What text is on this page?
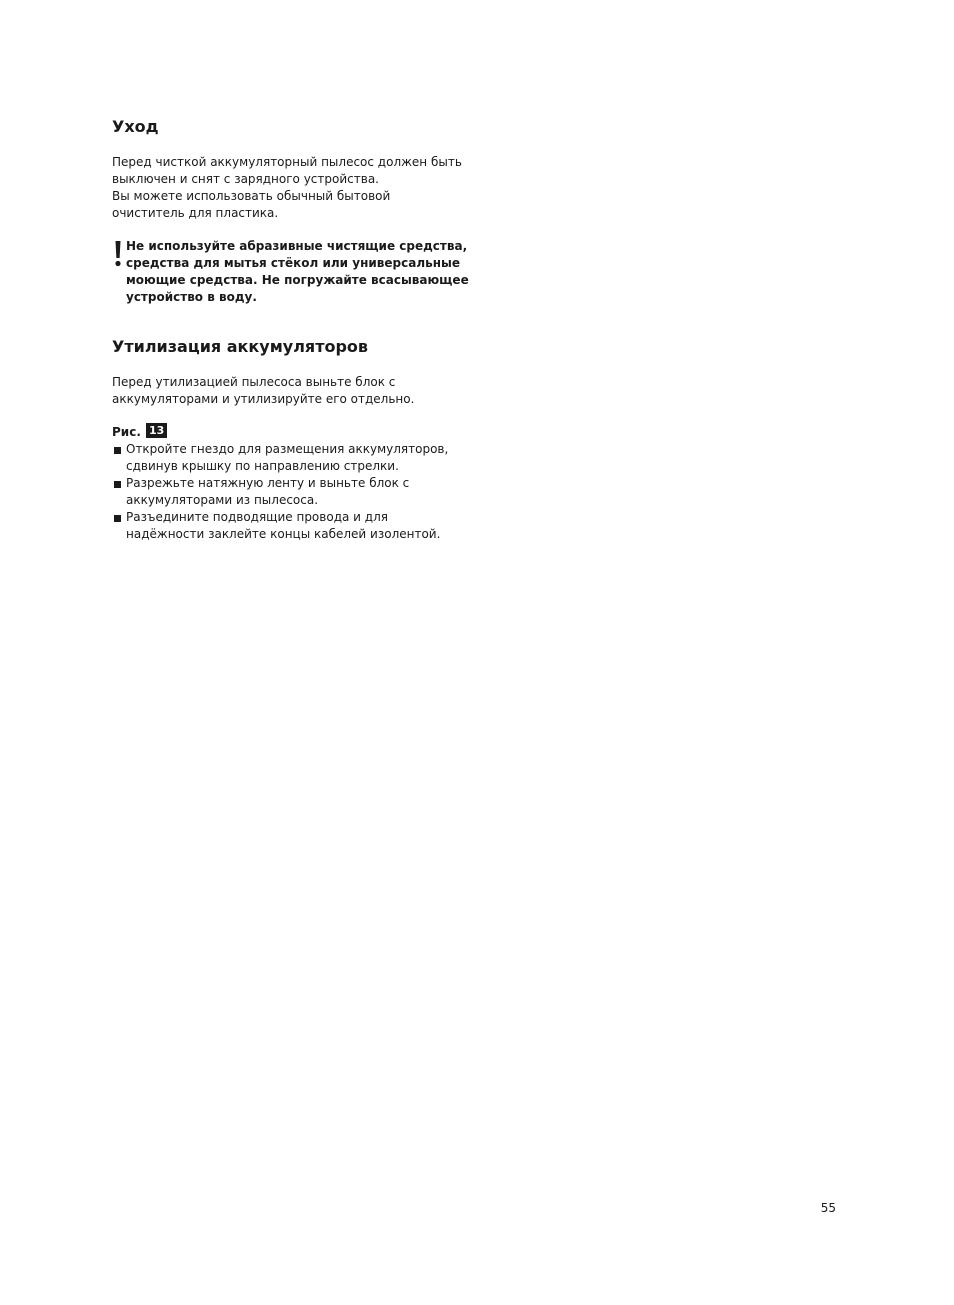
Уход

Перед чисткой аккумуляторный пылесос должен быть
выключен и снят с зарядного устройства.
Вы можете использовать обычный бытовой
очиститель для пластика.

Не используйте абразивные чистящие средства,
средства для мытья стёкол или универсальные
моющие средства. Не погружайте всасывающее
устройство в воду.

Утилизация аккумуляторов

Перед утилизацией пылесоса выньте блок с
аккумуляторами и утилизируйте его отдельно.

Рис. 13
Откройте гнездо для размещения аккумуляторов,
сдвинув крышку по направлению стрелки.
Разрежьте натяжную ленту и выньте блок с
аккумуляторами из пылесоса.
Разъедините подводящие провода и для
надёжности заклейте концы кабелей изолентой.
55
